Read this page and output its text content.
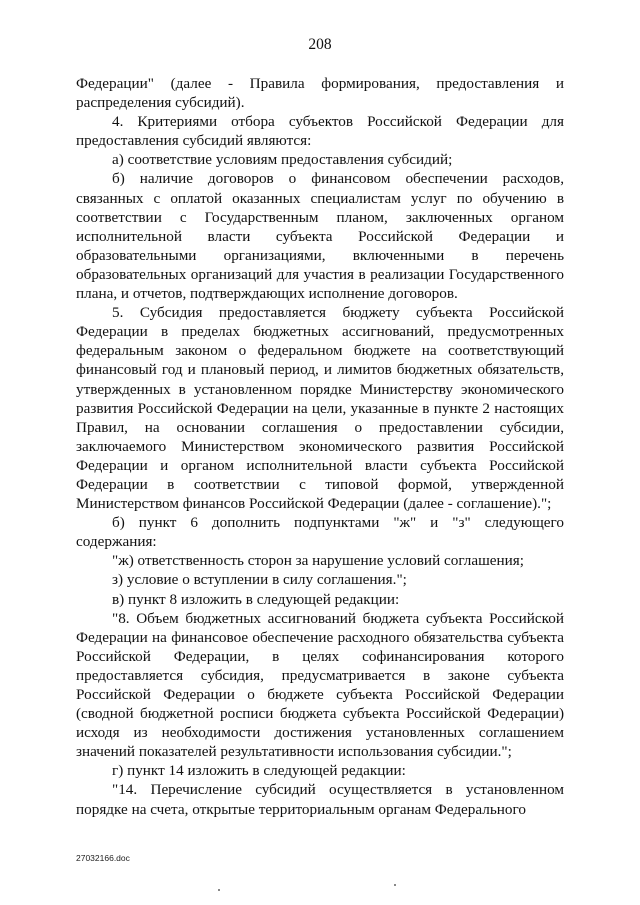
208

Федерации" (далее - Правила формирования, предоставления и распределения субсидий).

4. Критериями отбора субъектов Российской Федерации для предоставления субсидий являются:

а) соответствие условиям предоставления субсидий;

б) наличие договоров о финансовом обеспечении расходов, связанных с оплатой оказанных специалистам услуг по обучению в соответствии с Государственным планом, заключенных органом исполнительной власти субъекта Российской Федерации и образовательными организациями, включенными в перечень образовательных организаций для участия в реализации Государственного плана, и отчетов, подтверждающих исполнение договоров.

5. Субсидия предоставляется бюджету субъекта Российской Федерации в пределах бюджетных ассигнований, предусмотренных федеральным законом о федеральном бюджете на соответствующий финансовый год и плановый период, и лимитов бюджетных обязательств, утвержденных в установленном порядке Министерству экономического развития Российской Федерации на цели, указанные в пункте 2 настоящих Правил, на основании соглашения о предоставлении субсидии, заключаемого Министерством экономического развития Российской Федерации и органом исполнительной власти субъекта Российской Федерации в соответствии с типовой формой, утвержденной Министерством финансов Российской Федерации (далее - соглашение).";

б) пункт 6 дополнить подпунктами "ж" и "з" следующего содержания:

"ж) ответственность сторон за нарушение условий соглашения;

з) условие о вступлении в силу соглашения.";

в) пункт 8 изложить в следующей редакции:

"8. Объем бюджетных ассигнований бюджета субъекта Российской Федерации на финансовое обеспечение расходного обязательства субъекта Российской Федерации, в целях софинансирования которого предоставляется субсидия, предусматривается в законе субъекта Российской Федерации о бюджете субъекта Российской Федерации (сводной бюджетной росписи бюджета субъекта Российской Федерации) исходя из необходимости достижения установленных соглашением значений показателей результативности использования субсидии.";

г) пункт 14 изложить в следующей редакции:

"14. Перечисление субсидий осуществляется в установленном порядке на счета, открытые территориальным органам Федерального

27032166.doc
